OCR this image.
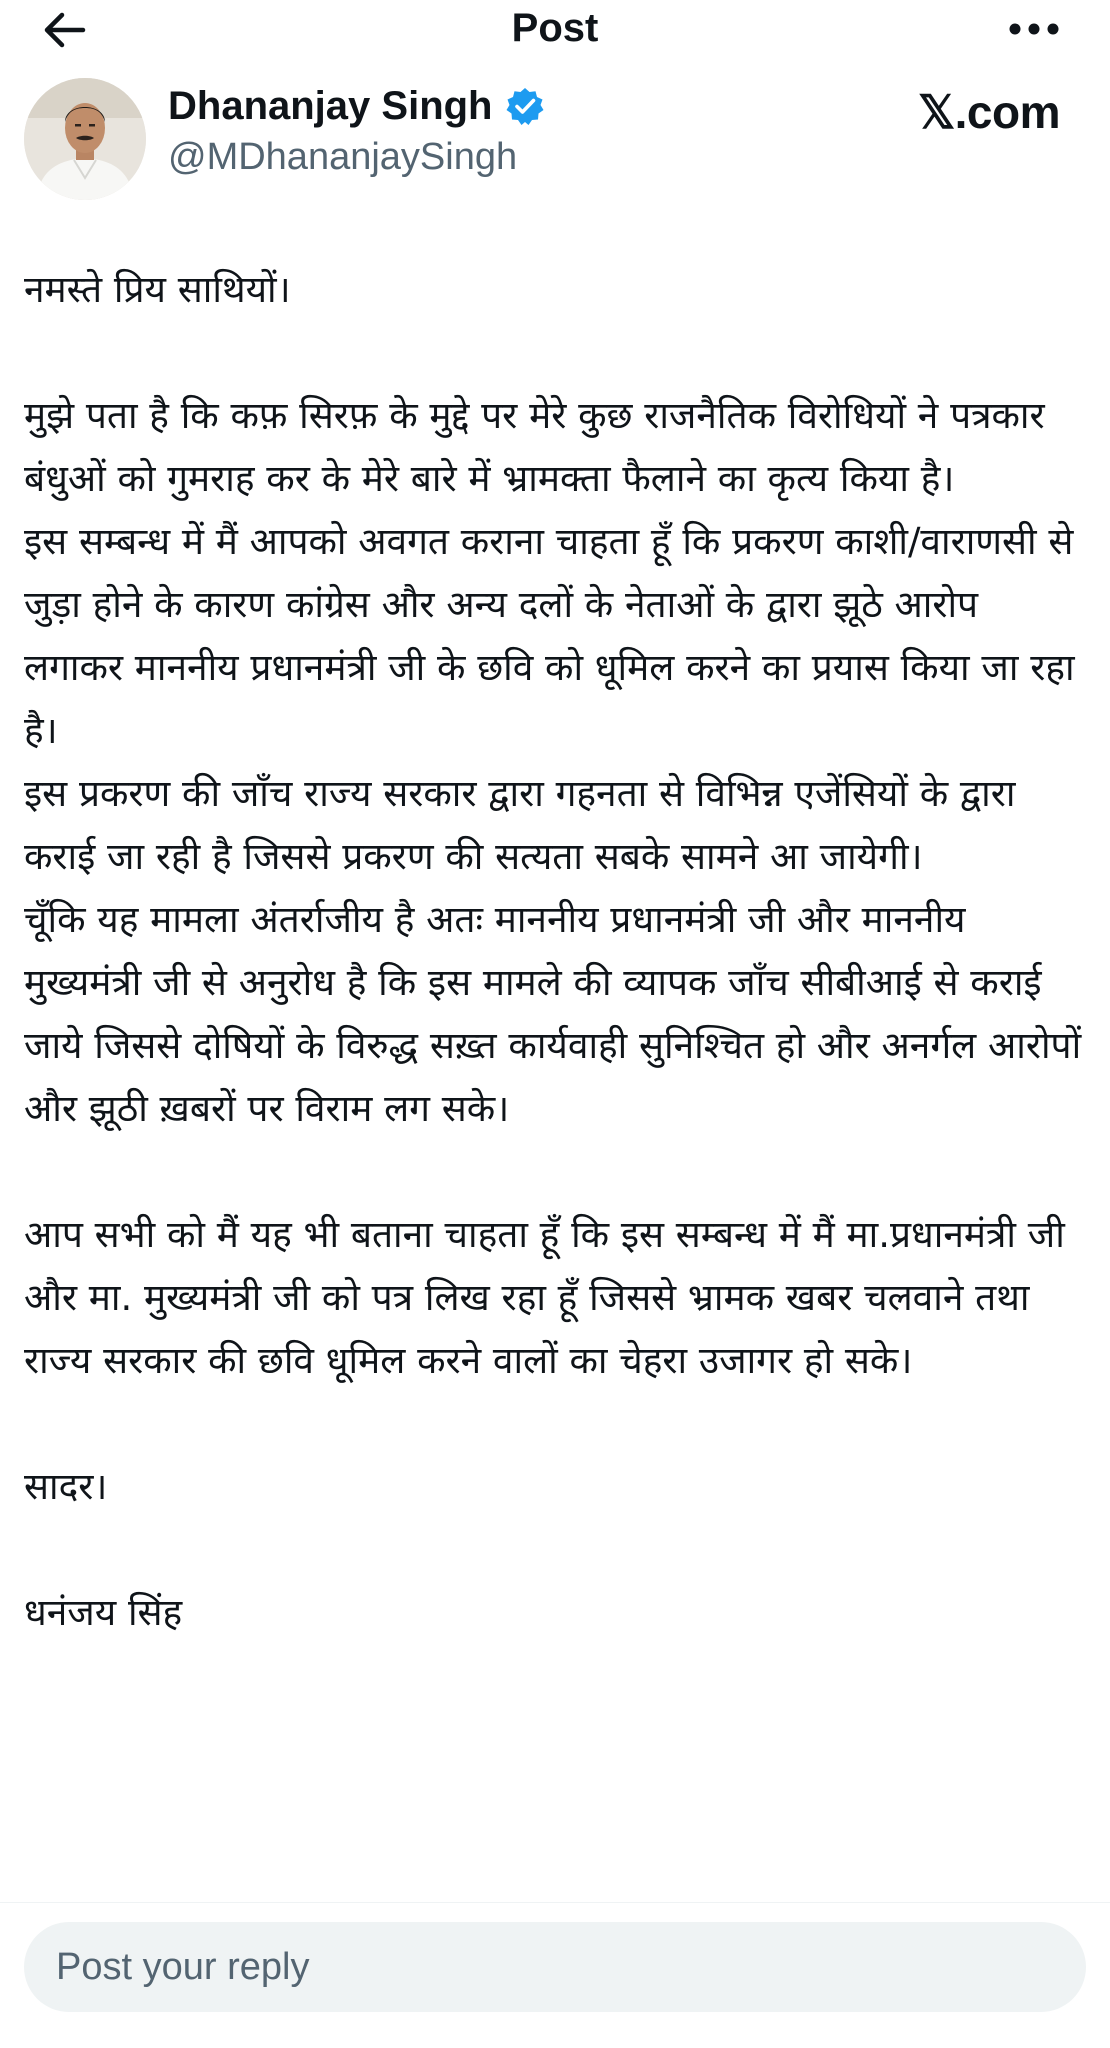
Post
Dhananjay Singh
@MDhananjaySingh
𝕏.com

नमस्ते प्रिय साथियों।

मुझे पता है कि कफ़ सिरफ़ के मुद्दे पर मेरे कुछ राजनैतिक विरोधियों ने पत्रकार बंधुओं को गुमराह कर के मेरे बारे में भ्रामक्ता फैलाने का कृत्य किया है।
इस सम्बन्ध में मैं आपको अवगत कराना चाहता हूँ कि प्रकरण काशी/वाराणसी से जुड़ा होने के कारण कांग्रेस और अन्य दलों के नेताओं के द्वारा झूठे आरोप लगाकर माननीय प्रधानमंत्री जी के छवि को धूमिल करने का प्रयास किया जा रहा है।
इस प्रकरण की जाँच राज्य सरकार द्वारा गहनता से विभिन्न एजेंसियों के द्वारा कराई जा रही है जिससे प्रकरण की सत्यता सबके सामने आ जायेगी।
चूँकि यह मामला अंतर्राजीय है अतः माननीय प्रधानमंत्री जी और माननीय मुख्यमंत्री जी से अनुरोध है कि इस मामले की व्यापक जाँच सीबीआई से कराई जाये जिससे दोषियों के विरुद्ध सख़्त कार्यवाही सुनिश्चित हो और अनर्गल आरोपों और झूठी ख़बरों पर विराम लग सके।

आप सभी को मैं यह भी बताना चाहता हूँ कि इस सम्बन्ध में मैं मा.प्रधानमंत्री जी और मा. मुख्यमंत्री जी को पत्र लिख रहा हूँ जिससे भ्रामक खबर चलवाने तथा राज्य सरकार की छवि धूमिल करने वालों का चेहरा उजागर हो सके।

सादर।

धनंजय सिंह

Post your reply
